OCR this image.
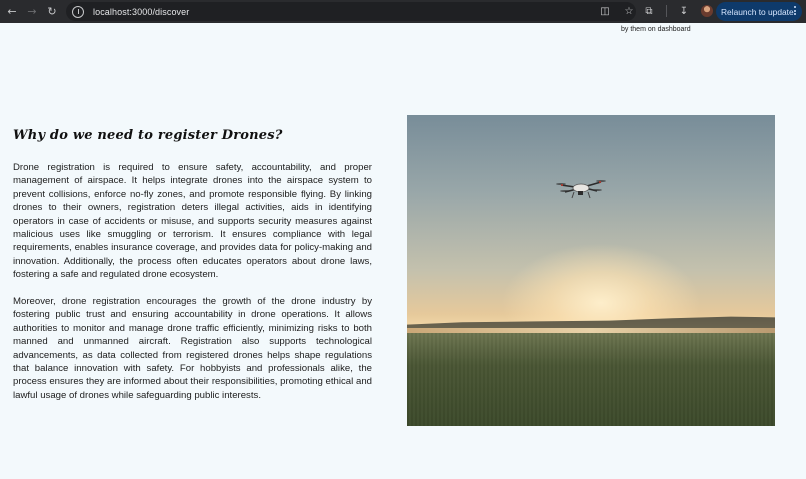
← → ↻	localhost:3000/discover	◫ ☆	⧉	↧	Relaunch to update
by them on dashboard
Why do we need to register Drones?

Drone registration is required to ensure safety, accountability, and proper management of airspace. It helps integrate drones into the airspace system to prevent collisions, enforce no-fly zones, and promote responsible flying. By linking drones to their owners, registration deters illegal activities, aids in identifying operators in case of accidents or misuse, and supports security measures against malicious uses like smuggling or terrorism. It ensures compliance with legal requirements, enables insurance coverage, and provides data for policy-making and innovation. Additionally, the process often educates operators about drone laws, fostering a safe and regulated drone ecosystem.

Moreover, drone registration encourages the growth of the drone industry by fostering public trust and ensuring accountability in drone operations. It allows authorities to monitor and manage drone traffic efficiently, minimizing risks to both manned and unmanned aircraft. Registration also supports technological advancements, as data collected from registered drones helps shape regulations that balance innovation with safety. For hobbyists and professionals alike, the process ensures they are informed about their responsibilities, promoting ethical and lawful usage of drones while safeguarding public interests.
